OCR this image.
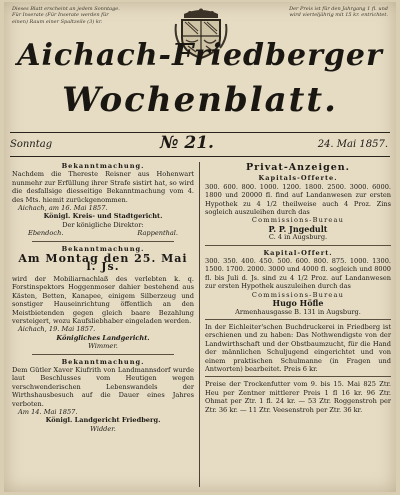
Dieses Blatt erscheint an jedem Sonntage. Für Inserate (Für Inserate werden für einen) Raum einer Spaltzeile (3) kr.
Der Preis ist für den Jahrgang 1 fl. und wird vierteljährig mit 15 kr. entrichtet.
Aichach-Friedberger
Wochenblatt.
Sonntag	№ 21.	24. Mai 1857.
Bekanntmachung.

Nachdem die Thereste Reisner aus Hohenwart nunmehr zur Erfüllung ihrer Strafe sistirt hat, so wird die desfallsige diesseitige Bekanntmachung vom 4. des Mts. hiemit zurückgenommen.

Aichach, am 16. Mai 1857.
Königl. Kreis- und Stadtgericht.
Der königliche Direktor:
Ebendoch.	Rappenthal.
Bekanntmachung.
Am Montag den 25. Mai l. Js.

wird der Mobiliarnachlaß des verlebten k. q. Forstinspektors Hoggenmoser dahier bestehend aus Kästen, Betten, Kanapee, einigem Silberzeug und sonstiger Hauseinrichtung öffentlich an den Meistbietenden gegen gleich baare Bezahlung versteigert, wozu Kaufsliebhaber eingeladen werden.

Aichach, 19. Mai 1857.
Königliches Landgericht.
Wimmer.
Bekanntmachung.

Dem Gütler Xaver Kiufrith von Landmannsdorf wurde laut Beschlusses vom Heutigen wegen verschwenderischen Lebenswandels der Wirthshausbesuch auf die Dauer eines Jahres verboten.

Am 14. Mai 1857.
Königl. Landgericht Friedberg.
Widder.
Privat-Anzeigen.
Kapitals-Offerte.

300. 600. 800. 1000. 1200. 1800. 2500. 3000. 6000. 1800 und 20000 fl. find auf Landanwesen zur ersten Hypothek zu 4 1/2 theilweise auch 4 Proz. Zins sogleich auszuleihen durch das

Commissions-Bureau
P. P. Jngedult
C. 4 in Augsburg.
Kapital-Offert.

300. 350. 400. 450. 500. 600. 800. 875. 1000. 1300. 1500. 1700. 2000. 3000 und 4000 fl. sogleich und 8000 fl. bis Juli d. Js. sind zu 4 1/2 Proz. auf Landanwesen zur ersten Hypothek auszuleihen durch das

Commissions-Bureau
Hugo Höfle
Armenhausgasse B. 131 in Augsburg.

In der Eichleiter'schen Buchdruckerei in Friedberg ist erschienen und zu haben: Das Nothwendigste von der Landwirthschaft und der Obstbaumzucht, für die Hand der männlichen Schuljugend eingerichtet und von einem praktischen Schulmanne (in Fragen und Antworten) bearbeitet. Preis 6 kr.

Preise der Trockenfutter vom 9. bis 15. Mai 825 Ztr. Heu per Zentner mittlerer Preis 1 fl 16 kr. 96 Ztr. Ohmat per Ztr. 1 fl. 24 kr. — 53 Ztr. Roggenstroh per Ztr. 36 kr. — 11 Ztr. Veesenstroh per Ztr. 36 kr.
